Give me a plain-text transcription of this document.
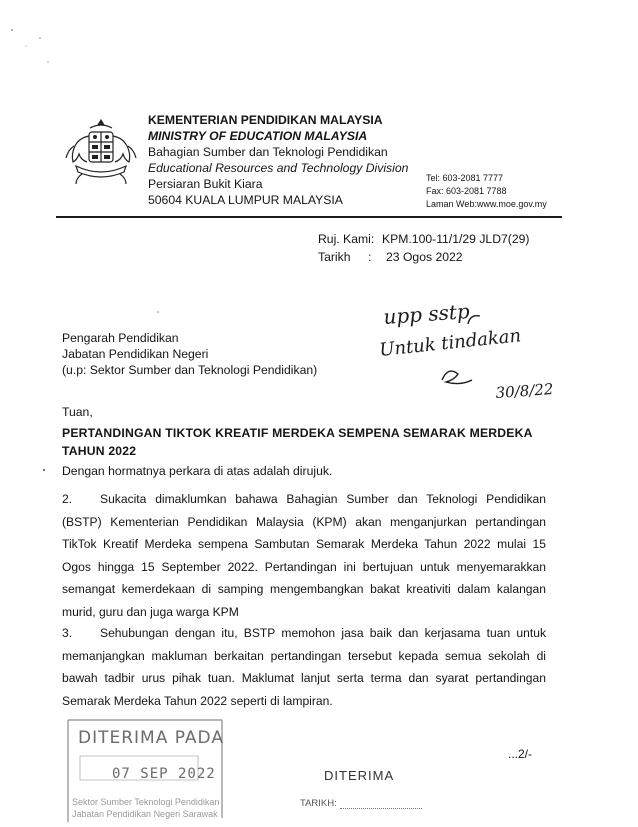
KEMENTERIAN PENDIDIKAN MALAYSIA
MINISTRY OF EDUCATION MALAYSIA
Bahagian Sumber dan Teknologi Pendidikan
Educational Resources and Technology Division
Persiaran Bukit Kiara
50604 KUALA LUMPUR MALAYSIA
Tel: 603-2081 7777
Fax: 603-2081 7788
Laman Web:www.moe.gov.my
Ruj. Kami: KPM.100-11/1/29 JLD7(29)
Tarikh : 23 Ogos 2022
upp sstp
Untuk tindakan
30/8/22
Pengarah Pendidikan
Jabatan Pendidikan Negeri
(u.p: Sektor Sumber dan Teknologi Pendidikan)
Tuan,
PERTANDINGAN TIKTOK KREATIF MERDEKA SEMPENA SEMARAK MERDEKA TAHUN 2022
Dengan hormatnya perkara di atas adalah dirujuk.
2. Sukacita dimaklumkan bahawa Bahagian Sumber dan Teknologi Pendidikan (BSTP) Kementerian Pendidikan Malaysia (KPM) akan menganjurkan pertandingan TikTok Kreatif Merdeka sempena Sambutan Semarak Merdeka Tahun 2022 mulai 15 Ogos hingga 15 September 2022. Pertandingan ini bertujuan untuk menyemarakkan semangat kemerdekaan di samping mengembangkan bakat kreativiti dalam kalangan murid, guru dan juga warga KPM
3. Sehubungan dengan itu, BSTP memohon jasa baik dan kerjasama tuan untuk memanjangkan makluman berkaitan pertandingan tersebut kepada semua sekolah di bawah tadbir urus pihak tuan. Maklumat lanjut serta terma dan syarat pertandingan Semarak Merdeka Tahun 2022 seperti di lampiran.
DITERIMA PADA
07 SEP 2022
Sektor Sumber Teknologi Pendidikan
Jabatan Pendidikan Negeri Sarawak
DITERIMA
TARIKH:
...2/-
